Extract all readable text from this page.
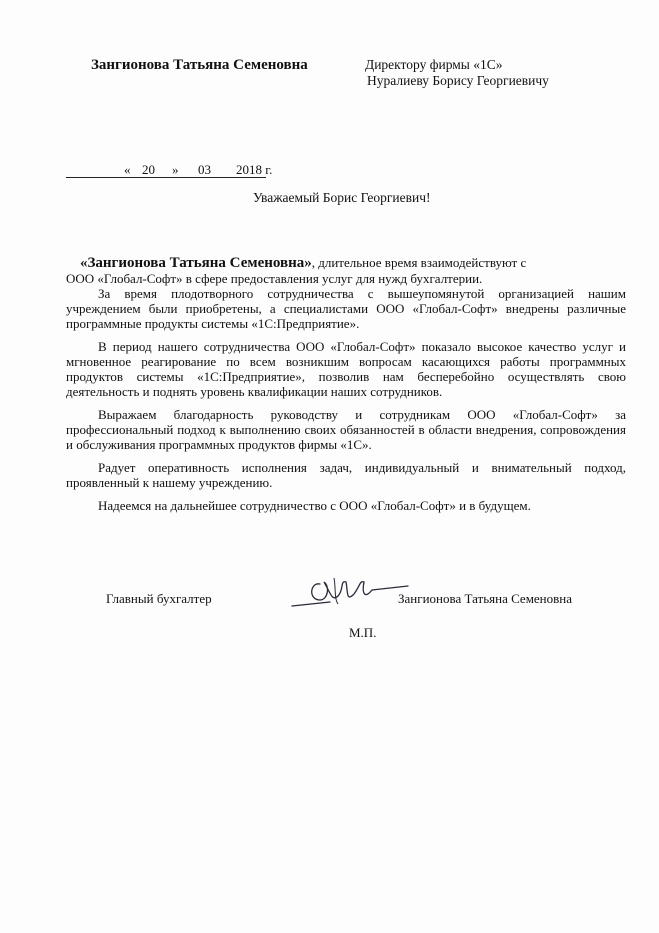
Зангионова Татьяна Семеновна	Директору фирмы «1С»
Нуралиеву Борису Георгиевичу
« 20 » 03 2018 г.
Уважаемый Борис Георгиевич!

«Зангионова Татьяна Семеновна», длительное время взаимодействуют с

ООО «Глобал-Софт» в сфере предоставления услуг для нужд бухгалтерии.

За время плодотворного сотрудничества с вышеупомянутой организацией нашим учреждением были приобретены, а специалистами ООО «Глобал-Софт» внедрены различные программные продукты системы «1С:Предприятие».

В период нашего сотрудничества ООО «Глобал-Софт» показало высокое качество услуг и мгновенное реагирование по всем возникшим вопросам касающихся работы программных продуктов системы «1С:Предприятие», позволив нам бесперебойно осуществлять свою деятельность и поднять уровень квалификации наших сотрудников.

Выражаем благодарность руководству и сотрудникам ООО «Глобал-Софт» за профессиональный подход к выполнению своих обязанностей в области внедрения, сопровождения и обслуживания программных продуктов фирмы «1С».

Радует оперативность исполнения задач, индивидуальный и внимательный подход, проявленный к нашему учреждению.

Надеемся на дальнейшее сотрудничество с ООО «Глобал-Софт» и в будущем.

Главный бухгалтер	Зангионова Татьяна Семеновна
М.П.
